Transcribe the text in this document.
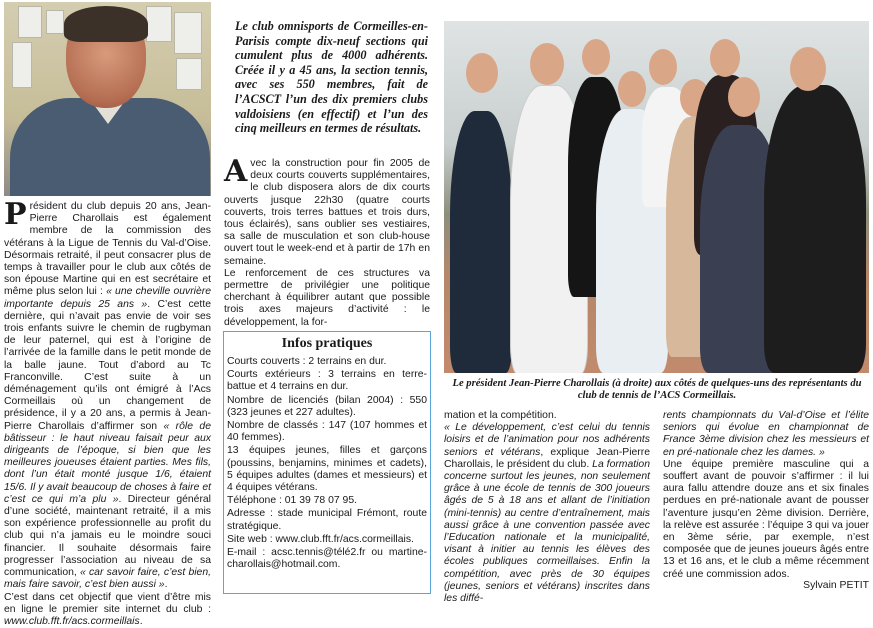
Président du club depuis 20 ans, Jean-Pierre Charollais est également membre de la commission des vétérans à la Ligue de Tennis du Val-d’Oise. Désormais retraité, il peut consacrer plus de temps à travailler pour le club aux côtés de son épouse Martine qui en est secrétaire et même plus selon lui : « une cheville ouvrière importante depuis 25 ans ». C’est cette dernière, qui n’avait pas envie de voir ses trois enfants suivre le chemin de rugbyman de leur paternel, qui est à l’origine de l’arrivée de la famille dans le petit monde de la balle jaune. Tout d’abord au Tc Franconville. C’est suite à un déménagement qu’ils ont émigré à l’Acs Cormeillais où un changement de présidence, il y a 20 ans, a permis à Jean-Pierre Charollais d’affirmer son « rôle de bâtisseur : le haut niveau faisait peur aux dirigeants de l’époque, si bien que les meilleures joueuses étaient parties. Mes fils, dont l’un était monté jusque 1/6, étaient 15/6. Il y avait beaucoup de choses à faire et c’est ce qui m’a plu ». Directeur général d’une société, maintenant retraité, il a mis son expérience professionnelle au profit du club qui n’a jamais eu le moindre souci financier. Il souhaite désormais faire progresser l’association au niveau de sa communication, « car savoir faire, c’est bien, mais faire savoir, c’est bien aussi ».

C’est dans cet objectif que vient d’être mis en ligne le premier site internet du club : www.club.fft.fr/acs.cormeillais.

Le club omnisports de Cormeilles-en-Parisis compte dix-neuf sections qui cumulent plus de 4000 adhérents. Créée il y a 45 ans, la section tennis, avec ses 550 membres, fait de l’ACSCT l’un des dix premiers clubs valdoisiens (en effectif) et l’un des cinq meilleurs en termes de résultats.

Avec la construction pour fin 2005 de deux courts couverts supplémentaires, le club disposera alors de dix courts ouverts jusque 22h30 (quatre courts couverts, trois terres battues et trois durs, tous éclairés), sans oublier ses vestiaires, sa salle de musculation et son club-house ouvert tout le week-end et à partir de 17h en semaine.

Le renforcement de ces structures va permettre de privilégier une politique cherchant à équilibrer autant que possible trois axes majeurs d’activité : le développement, la for-

Infos pratiques

Courts couverts : 2 terrains en dur.

Courts extérieurs : 3 terrains en terre-battue et 4 terrains en dur.

Nombre de licenciés (bilan 2004) : 550 (323 jeunes et 227 adultes).

Nombre de classés : 147 (107 hommes et 40 femmes).

13 équipes jeunes, filles et garçons (poussins, benjamins, minimes et cadets), 5 équipes adultes (dames et messieurs) et 4 équipes vétérans.

Téléphone : 01 39 78 07 95.

Adresse : stade municipal Frémont, route stratégique.

Site web : www.club.fft.fr/acs.cormeillais.

E-mail : acsc.tennis@télé2.fr ou martine-charollais@hotmail.com.

Le président Jean-Pierre Charollais (à droite) aux côtés de quelques-uns des représentants du club de tennis de l’ACS Cormeillais.

mation et la compétition.

« Le développement, c’est celui du tennis loisirs et de l’animation pour nos adhérents seniors et vétérans, explique Jean-Pierre Charollais, le président du club. La formation concerne surtout les jeunes, non seulement grâce à une école de tennis de 300 joueurs âgés de 5 à 18 ans et allant de l’initiation (mini-tennis) au centre d’entraînement, mais aussi grâce à une convention passée avec l’Education nationale et la municipalité, visant à initier au tennis les élèves des écoles publiques cormeillaises. Enfin la compétition, avec près de 30 équipes (jeunes, seniors et vétérans) inscrites dans les diffé-

rents championnats du Val-d’Oise et l’élite seniors qui évolue en championnat de France 3ème division chez les messieurs et en pré-nationale chez les dames. »

Une équipe première masculine qui a souffert avant de pouvoir s’affirmer : il lui aura fallu attendre douze ans et six finales perdues en pré-nationale avant de pousser l’aventure jusqu’en 2ème division. Derrière, la relève est assurée : l’équipe 3 qui va jouer en 3ème série, par exemple, n’est composée que de jeunes joueurs âgés entre 13 et 16 ans, et le club a même récemment créé une commission ados.

Sylvain PETIT
